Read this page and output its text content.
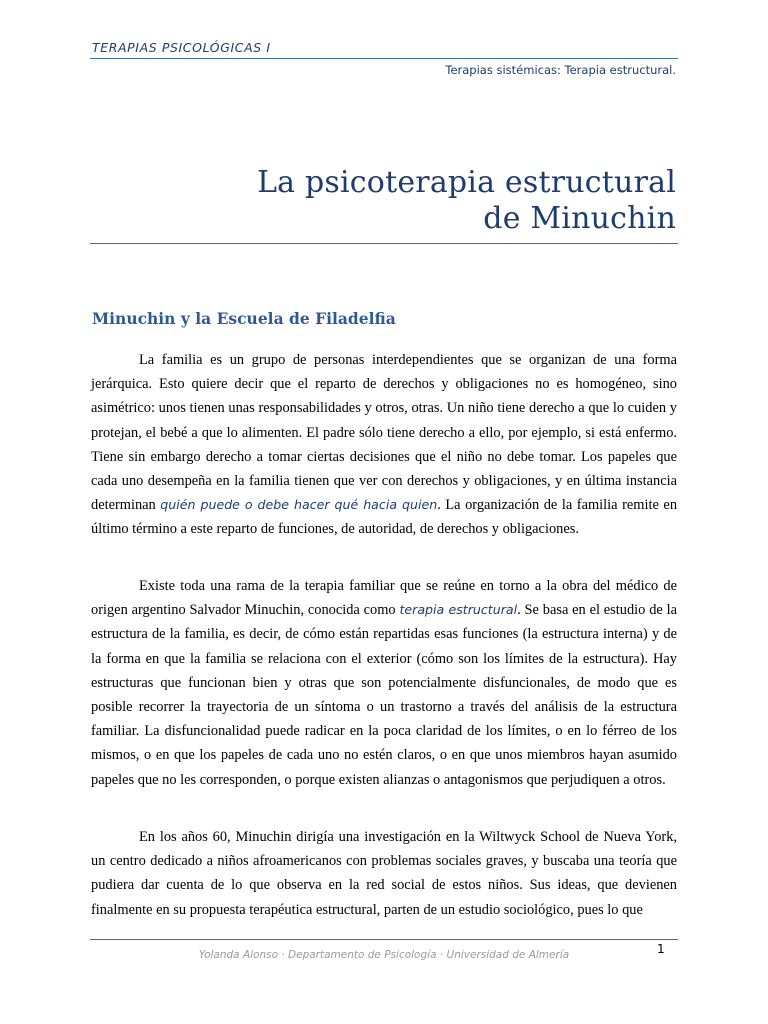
TERAPIAS PSICOLÓGICAS I
Terapias sistémicas: Terapia estructural.
La psicoterapia estructural
de Minuchin
Minuchin y la Escuela de Filadelfia

La familia es un grupo de personas interdependientes que se organizan de una forma jerárquica. Esto quiere decir que el reparto de derechos y obligaciones no es homogéneo, sino asimétrico: unos tienen unas responsabilidades y otros, otras. Un niño tiene derecho a que lo cuiden y protejan, el bebé a que lo alimenten. El padre sólo tiene derecho a ello, por ejemplo, si está enfermo. Tiene sin embargo derecho a tomar ciertas decisiones que el niño no debe tomar. Los papeles que cada uno desempeña en la familia tienen que ver con derechos y obligaciones, y en última instancia determinan quién puede o debe hacer qué hacia quien. La organización de la familia remite en último término a este reparto de funciones, de autoridad, de derechos y obligaciones.

Existe toda una rama de la terapia familiar que se reúne en torno a la obra del médico de origen argentino Salvador Minuchin, conocida como terapia estructural. Se basa en el estudio de la estructura de la familia, es decir, de cómo están repartidas esas funciones (la estructura interna) y de la forma en que la familia se relaciona con el exterior (cómo son los límites de la estructura). Hay estructuras que funcionan bien y otras que son potencialmente disfuncionales, de modo que es posible recorrer la trayectoria de un síntoma o un trastorno a través del análisis de la estructura familiar. La disfuncionalidad puede radicar en la poca claridad de los límites, o en lo férreo de los mismos, o en que los papeles de cada uno no estén claros, o en que unos miembros hayan asumido papeles que no les corresponden, o porque existen alianzas o antagonismos que perjudiquen a otros.

En los años 60, Minuchin dirigía una investigación en la Wiltwyck School de Nueva York, un centro dedicado a niños afroamericanos con problemas sociales graves, y buscaba una teoría que pudiera dar cuenta de lo que observa en la red social de estos niños. Sus ideas, que devienen finalmente en su propuesta terapéutica estructural, parten de un estudio sociológico, pues lo que

Yolanda Alonso · Departamento de Psicología · Universidad de Almería	1
